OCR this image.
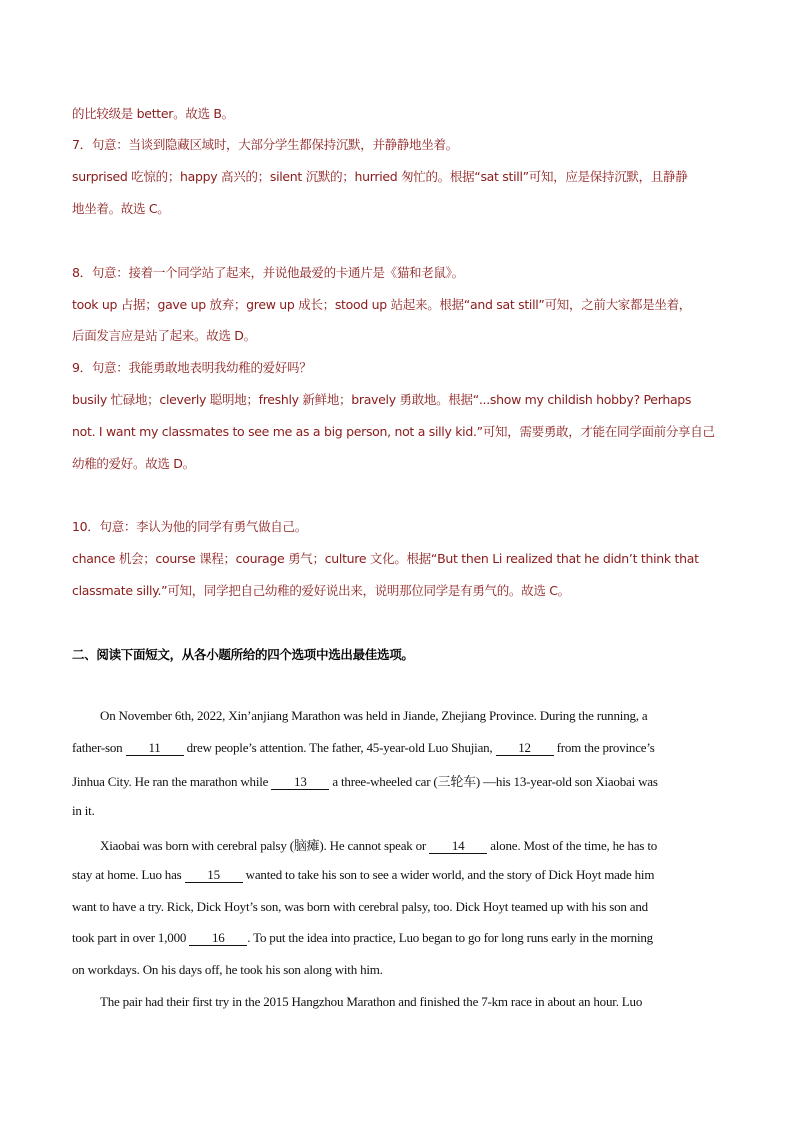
的比较级是 better。故选 B。
7．句意：当谈到隐藏区域时，大部分学生都保持沉默，并静静地坐着。
surprised 吃惊的；happy 高兴的；silent 沉默的；hurried 匆忙的。根据“sat still”可知，应是保持沉默，且静静
地坐着。故选 C。
8．句意：接着一个同学站了起来，并说他最爱的卡通片是《猫和老鼠》。
took up 占据；gave up 放弃；grew up 成长；stood up 站起来。根据“and sat still”可知，之前大家都是坐着，
后面发言应是站了起来。故选 D。
9．句意：我能勇敢地表明我幼稚的爱好吗？
busily 忙碌地；cleverly 聪明地；freshly 新鲜地；bravely 勇敢地。根据“...show my childish hobby? Perhaps
not. I want my classmates to see me as a big person, not a silly kid.”可知，需要勇敢，才能在同学面前分享自己
幼稚的爱好。故选 D。
10．句意：李认为他的同学有勇气做自己。
chance 机会；course 课程；courage 勇气；culture 文化。根据“But then Li realized that he didn’t think that
classmate silly.”可知，同学把自己幼稚的爱好说出来，说明那位同学是有勇气的。故选 C。
二、阅读下面短文，从各小题所给的四个选项中选出最佳选项。
On November 6th, 2022, Xin’anjiang Marathon was held in Jiande, Zhejiang Province. During the running, a
father-son 11 drew people’s attention. The father, 45-year-old Luo Shujian, 12 from the province’s
Jinhua City. He ran the marathon while 13 a three-wheeled car (三轮车) —his 13-year-old son Xiaobai was
in it.
Xiaobai was born with cerebral palsy (脑瘫). He cannot speak or 14 alone. Most of the time, he has to
stay at home. Luo has 15 wanted to take his son to see a wider world, and the story of Dick Hoyt made him
want to have a try. Rick, Dick Hoyt’s son, was born with cerebral palsy, too. Dick Hoyt teamed up with his son and
took part in over 1,000 16 . To put the idea into practice, Luo began to go for long runs early in the morning
on workdays. On his days off, he took his son along with him.
The pair had their first try in the 2015 Hangzhou Marathon and finished the 7-km race in about an hour. Luo
